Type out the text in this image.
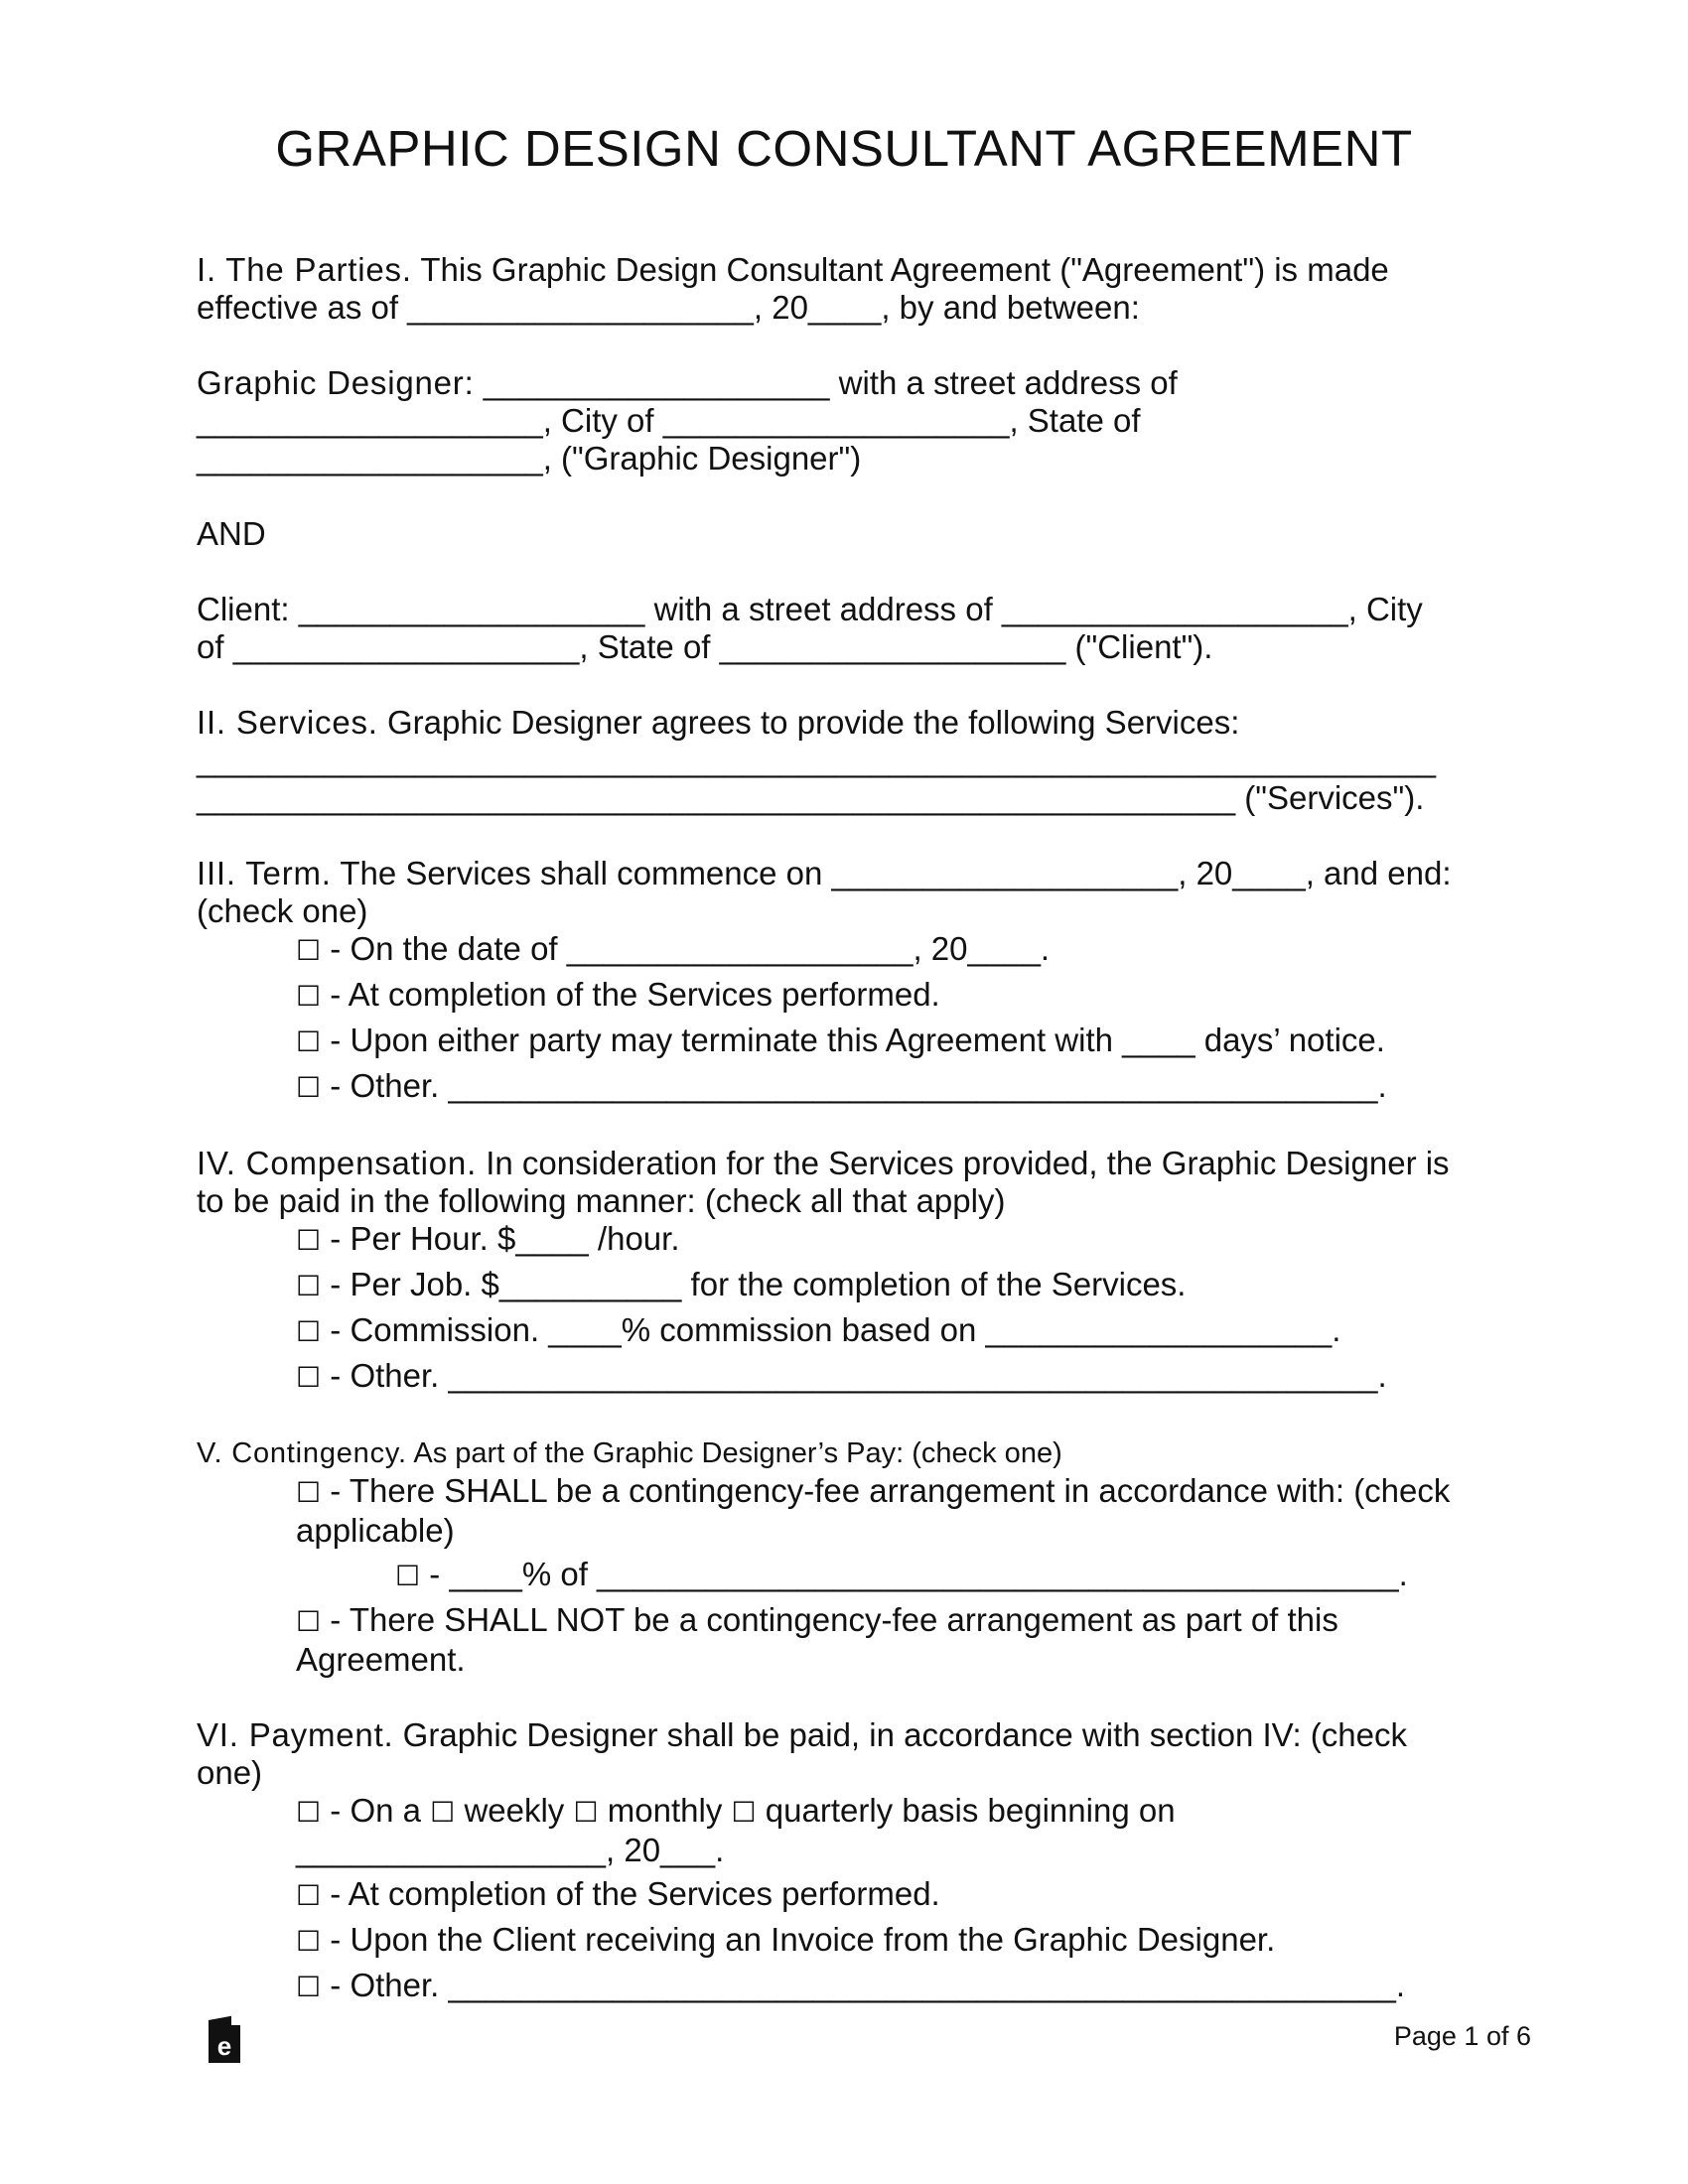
GRAPHIC DESIGN CONSULTANT AGREEMENT

I. The Parties. This Graphic Design Consultant Agreement ("Agreement") is made

effective as of ___________________, 20____, by and between:

Graphic Designer: ___________________ with a street address of

___________________, City of ___________________, State of

___________________, ("Graphic Designer")

AND

Client: ___________________ with a street address of ___________________, City

of ___________________, State of ___________________ ("Client").

II. Services. Graphic Designer agrees to provide the following Services:

____________________________________________________________________

_________________________________________________________ ("Services").

III. Term. The Services shall commence on ___________________, 20____, and end:

(check one)

☐ - On the date of ___________________, 20____.

☐ - At completion of the Services performed.

☐ - Upon either party may terminate this Agreement with ____ days’ notice.

☐ - Other. ___________________________________________________.

IV. Compensation. In consideration for the Services provided, the Graphic Designer is

to be paid in the following manner: (check all that apply)

☐ - Per Hour. $____ /hour.

☐ - Per Job. $__________ for the completion of the Services.

☐ - Commission. ____% commission based on ___________________.

☐ - Other. ___________________________________________________.

V. Contingency. As part of the Graphic Designer’s Pay: (check one)

☐ - There SHALL be a contingency-fee arrangement in accordance with: (check
applicable)

☐ - ____% of ____________________________________________.

☐ - There SHALL NOT be a contingency-fee arrangement as part of this
Agreement.

VI. Payment. Graphic Designer shall be paid, in accordance with section IV: (check

one)

☐ - On a ☐ weekly ☐ monthly ☐ quarterly basis beginning on
_________________, 20___.

☐ - At completion of the Services performed.

☐ - Upon the Client receiving an Invoice from the Graphic Designer.

☐ - Other. ____________________________________________________.

e	Page 1 of 6
